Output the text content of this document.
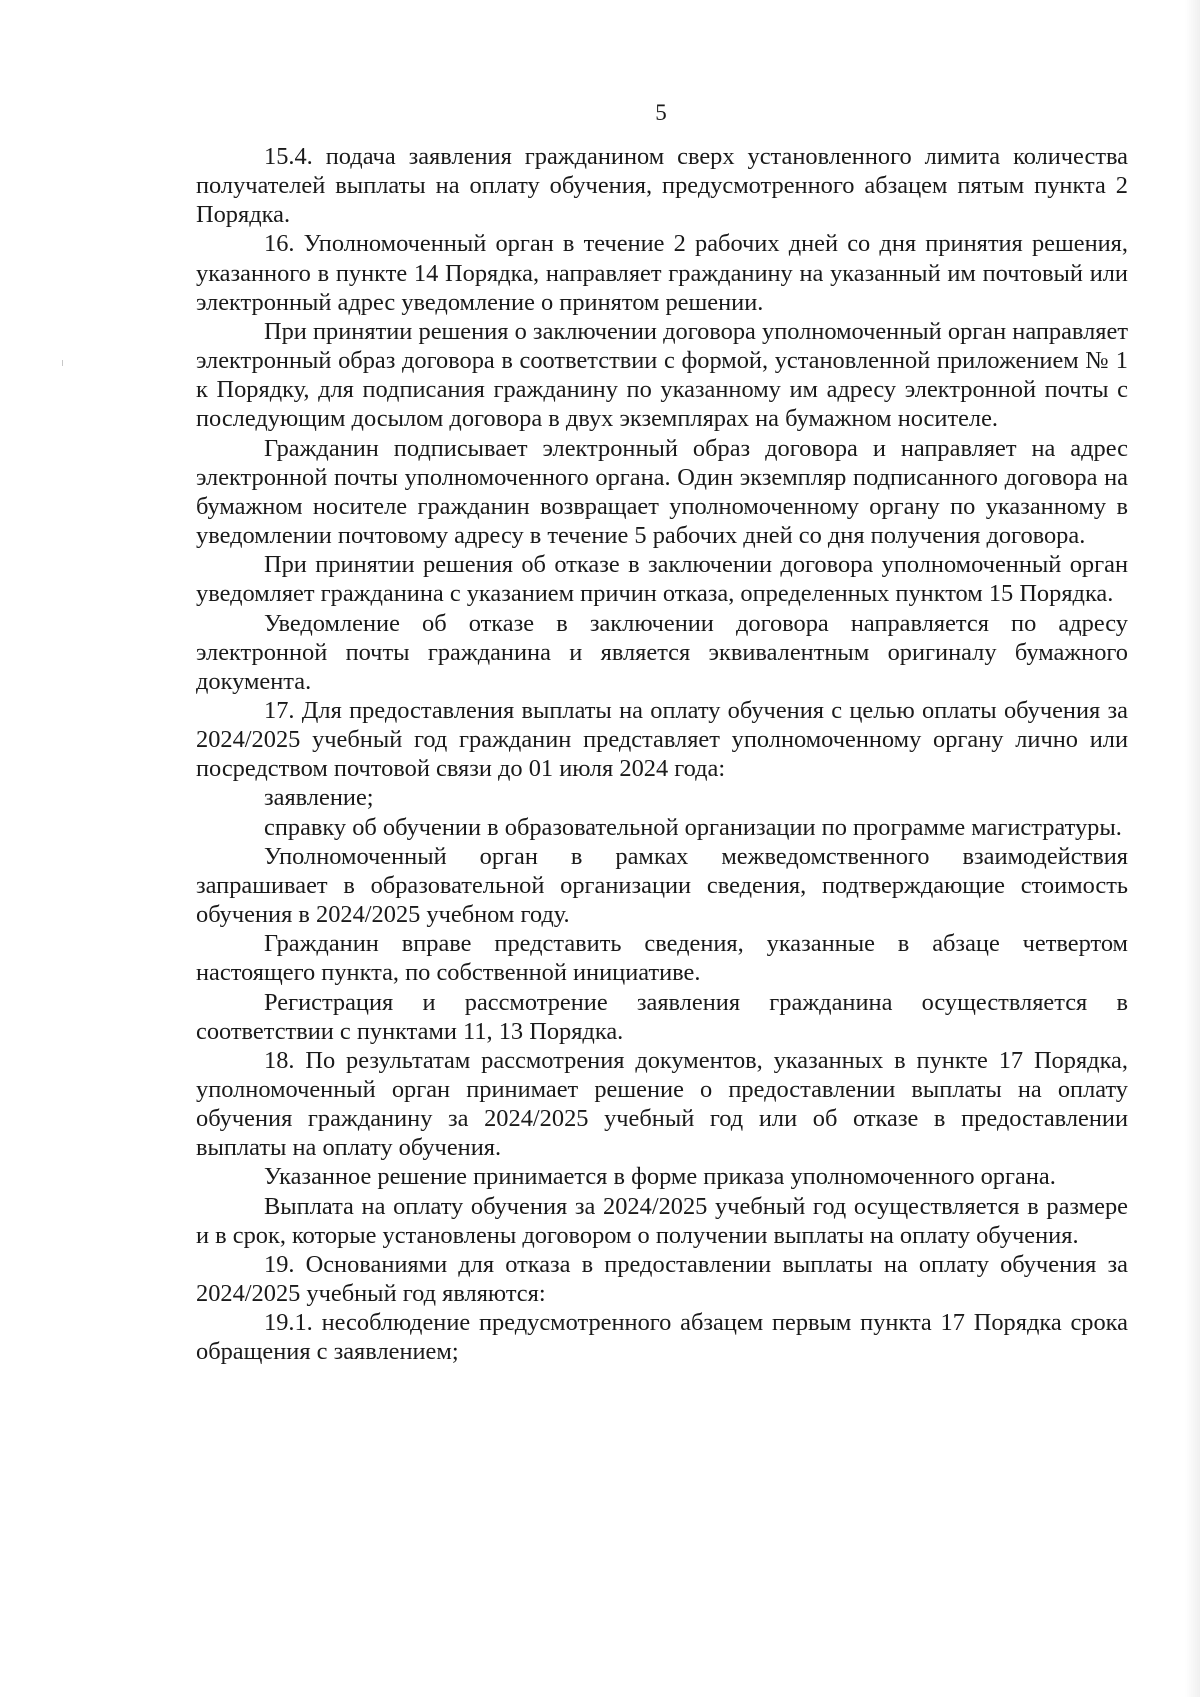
5

15.4. подача заявления гражданином сверх установленного лимита количества получателей выплаты на оплату обучения, предусмотренного абзацем пятым пункта 2 Порядка.

16. Уполномоченный орган в течение 2 рабочих дней со дня принятия решения, указанного в пункте 14 Порядка, направляет гражданину на указанный им почтовый или электронный адрес уведомление о принятом решении.

При принятии решения о заключении договора уполномоченный орган направляет электронный образ договора в соответствии с формой, установленной приложением № 1 к Порядку, для подписания гражданину по указанному им адресу электронной почты с последующим досылом договора в двух экземплярах на бумажном носителе.

Гражданин подписывает электронный образ договора и направляет на адрес электронной почты уполномоченного органа. Один экземпляр подписанного договора на бумажном носителе гражданин возвращает уполномоченному органу по указанному в уведомлении почтовому адресу в течение 5 рабочих дней со дня получения договора.

При принятии решения об отказе в заключении договора уполномоченный орган уведомляет гражданина с указанием причин отказа, определенных пунктом 15 Порядка.

Уведомление об отказе в заключении договора направляется по адресу электронной почты гражданина и является эквивалентным оригиналу бумажного документа.

17. Для предоставления выплаты на оплату обучения с целью оплаты обучения за 2024/2025 учебный год гражданин представляет уполномоченному органу лично или посредством почтовой связи до 01 июля 2024 года:

заявление;

справку об обучении в образовательной организации по программе магистратуры.

Уполномоченный орган в рамках межведомственного взаимодействия запрашивает в образовательной организации сведения, подтверждающие стоимость обучения в 2024/2025 учебном году.

Гражданин вправе представить сведения, указанные в абзаце четвертом настоящего пункта, по собственной инициативе.

Регистрация и рассмотрение заявления гражданина осуществляется в соответствии с пунктами 11, 13 Порядка.

18. По результатам рассмотрения документов, указанных в пункте 17 Порядка, уполномоченный орган принимает решение о предоставлении выплаты на оплату обучения гражданину за 2024/2025 учебный год или об отказе в предоставлении выплаты на оплату обучения.

Указанное решение принимается в форме приказа уполномоченного органа.

Выплата на оплату обучения за 2024/2025 учебный год осуществляется в размере и в срок, которые установлены договором о получении выплаты на оплату обучения.

19. Основаниями для отказа в предоставлении выплаты на оплату обучения за 2024/2025 учебный год являются:

19.1. несоблюдение предусмотренного абзацем первым пункта 17 Порядка срока обращения с заявлением;
